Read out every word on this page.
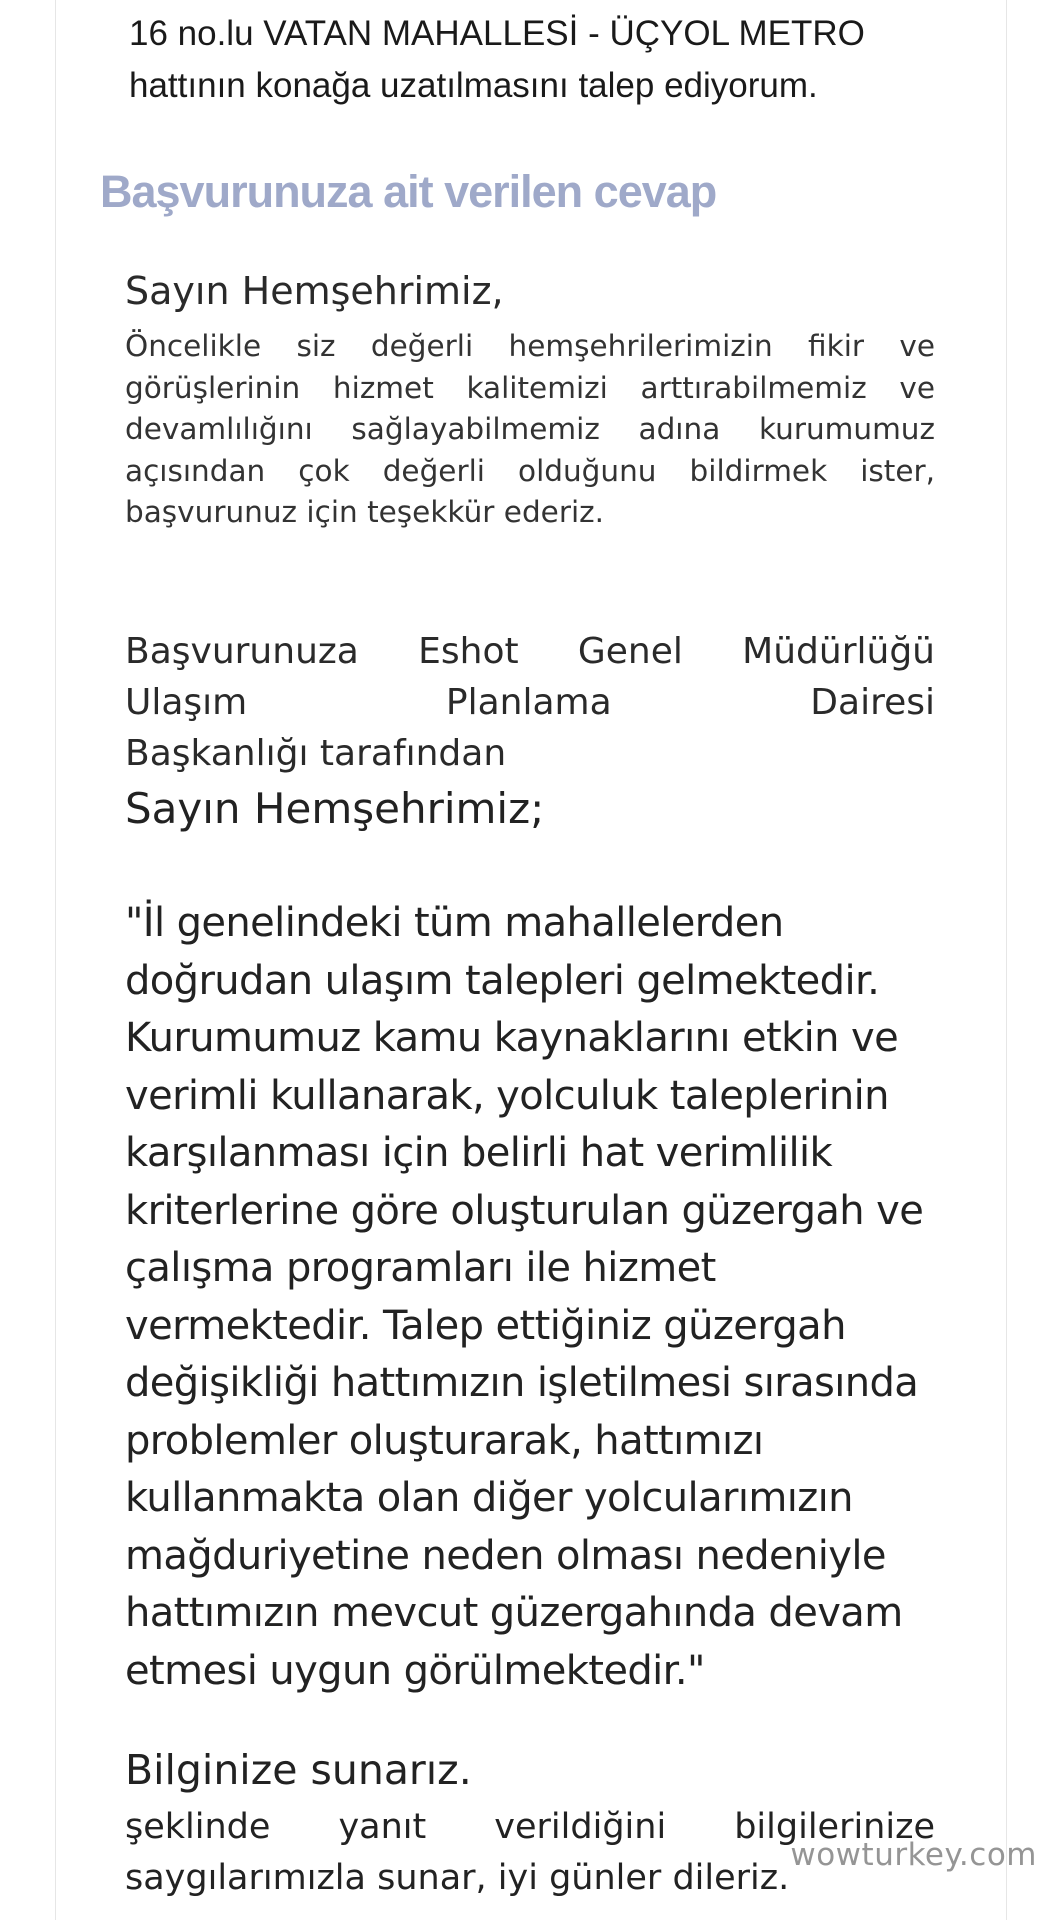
16 no.lu VATAN MAHALLESİ - ÜÇYOL METRO
hattının konağa uzatılmasını talep ediyorum.
Başvurunuza ait verilen cevap
Sayın Hemşehrimiz,
Öncelikle siz değerli hemşehrilerimizin fikir ve
görüşlerinin hizmet kalitemizi arttırabilmemiz ve
devamlılığını sağlayabilmemiz adına kurumumuz
açısından çok değerli olduğunu bildirmek ister,
başvurunuz için teşekkür ederiz.
Başvurunuza Eshot Genel Müdürlüğü
Ulaşım Planlama Dairesi
Başkanlığı tarafından
Sayın Hemşehrimiz;
"İl genelindeki tüm mahallelerden
doğrudan ulaşım talepleri gelmektedir.
Kurumumuz kamu kaynaklarını etkin ve
verimli kullanarak, yolculuk taleplerinin
karşılanması için belirli hat verimlilik
kriterlerine göre oluşturulan güzergah ve
çalışma programları ile hizmet
vermektedir. Talep ettiğiniz güzergah
değişikliği hattımızın işletilmesi sırasında
problemler oluşturarak, hattımızı
kullanmakta olan diğer yolcularımızın
mağduriyetine neden olması nedeniyle
hattımızın mevcut güzergahında devam
etmesi uygun görülmektedir."
Bilginize sunarız.
şeklinde yanıt verildiğini bilgilerinize
saygılarımızla sunar, iyi günler dileriz.
wowturkey.com
